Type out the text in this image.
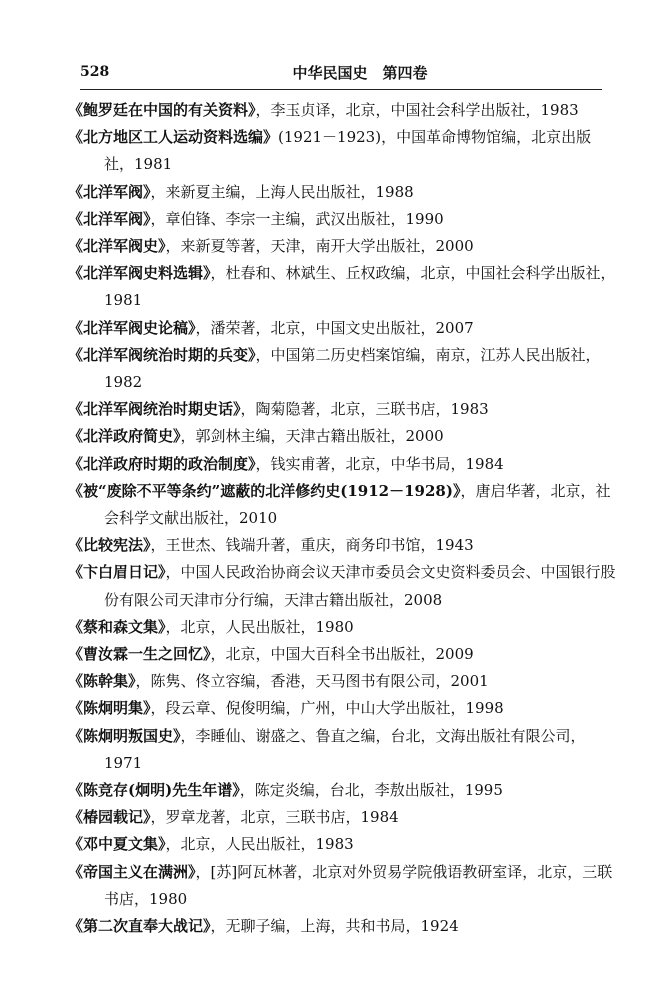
528	中华民国史　第四卷

《鲍罗廷在中国的有关资料》，李玉贞译，北京，中国社会科学出版社，1983

《北方地区工人运动资料选编》(1921－1923)，中国革命博物馆编，北京出版社，1981

《北洋军阀》，来新夏主编，上海人民出版社，1988

《北洋军阀》，章伯锋、李宗一主编，武汉出版社，1990

《北洋军阀史》，来新夏等著，天津，南开大学出版社，2000

《北洋军阀史料选辑》，杜春和、林斌生、丘权政编，北京，中国社会科学出版社，1981

《北洋军阀史论稿》，潘荣著，北京，中国文史出版社，2007

《北洋军阀统治时期的兵变》，中国第二历史档案馆编，南京，江苏人民出版社，1982

《北洋军阀统治时期史话》，陶菊隐著，北京，三联书店，1983

《北洋政府简史》，郭剑林主编，天津古籍出版社，2000

《北洋政府时期的政治制度》，钱实甫著，北京，中华书局，1984

《被“废除不平等条约”遮蔽的北洋修约史(1912－1928)》，唐启华著，北京，社会科学文献出版社，2010

《比较宪法》，王世杰、钱端升著，重庆，商务印书馆，1943

《卞白眉日记》，中国人民政治协商会议天津市委员会文史资料委员会、中国银行股份有限公司天津市分行编，天津古籍出版社，2008

《蔡和森文集》，北京，人民出版社，1980

《曹汝霖一生之回忆》，北京，中国大百科全书出版社，2009

《陈幹集》，陈隽、佟立容编，香港，天马图书有限公司，2001

《陈炯明集》，段云章、倪俊明编，广州，中山大学出版社，1998

《陈炯明叛国史》，李睡仙、谢盛之、鲁直之编，台北，文海出版社有限公司，1971

《陈竞存(炯明)先生年谱》，陈定炎编，台北，李敖出版社，1995

《椿园载记》，罗章龙著，北京，三联书店，1984

《邓中夏文集》，北京，人民出版社，1983

《帝国主义在满洲》，[苏]阿瓦林著，北京对外贸易学院俄语教研室译，北京，三联书店，1980

《第二次直奉大战记》，无聊子编，上海，共和书局，1924
